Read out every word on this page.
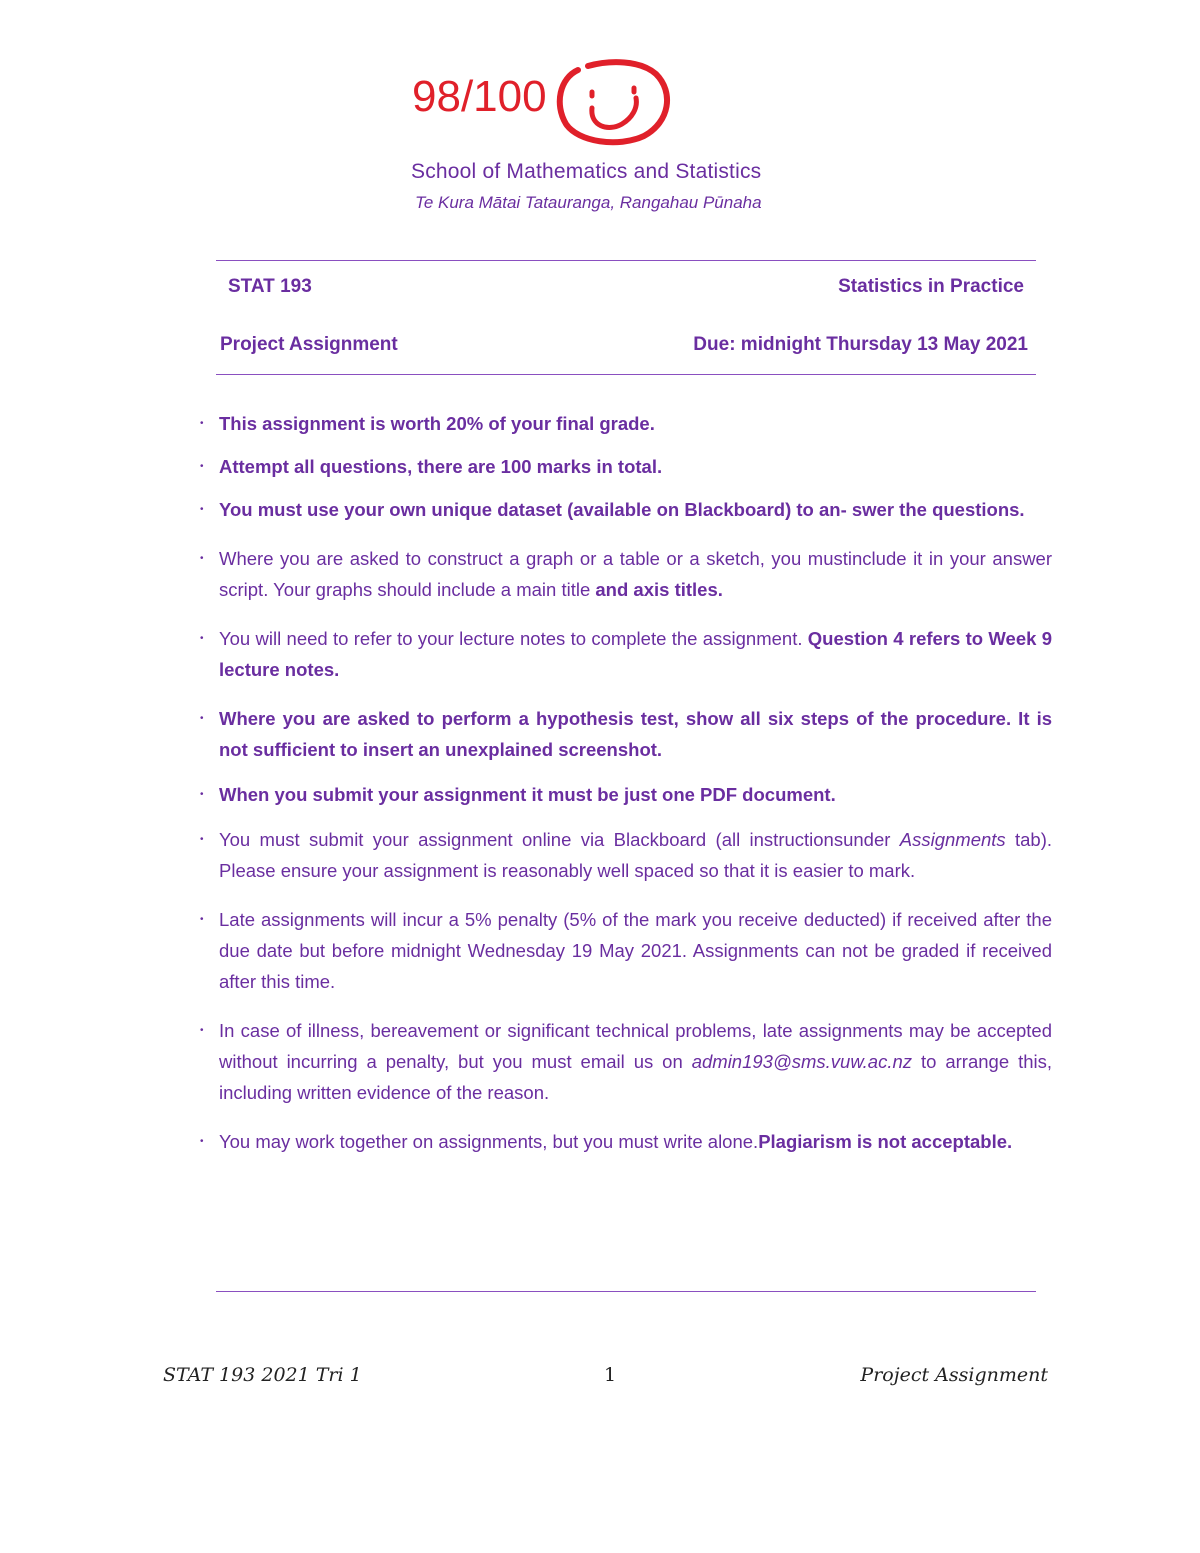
98/100
School of Mathematics and Statistics
Te Kura Mātai Tatauranga, Rangahau Pūnaha
STAT 193	Statistics in Practice
Project Assignment	Due: midnight Thursday 13 May 2021
• This assignment is worth 20% of your final grade.
• Attempt all questions, there are 100 marks in total.
• You must use your own unique dataset (available on Blackboard) to an- swer the questions.
• Where you are asked to construct a graph or a table or a sketch, you mustinclude it in your answer script. Your graphs should include a main title and axis titles.
• You will need to refer to your lecture notes to complete the assignment. Question 4 refers to Week 9 lecture notes.
• Where you are asked to perform a hypothesis test, show all six steps of the procedure. It is not sufficient to insert an unexplained screenshot.
• When you submit your assignment it must be just one PDF document.
• You must submit your assignment online via Blackboard (all instructionsunder Assignments tab). Please ensure your assignment is reasonably well spaced so that it is easier to mark.
• Late assignments will incur a 5% penalty (5% of the mark you receive deducted) if received after the due date but before midnight Wednesday 19 May 2021. Assignments can not be graded if received after this time.
• In case of illness, bereavement or significant technical problems, late assignments may be accepted without incurring a penalty, but you must email us on admin193@sms.vuw.ac.nz to arrange this, including written evidence of the reason.
• You may work together on assignments, but you must write alone.Plagiarism is not acceptable.
STAT 193 2021 Tri 1	1	Project Assignment
